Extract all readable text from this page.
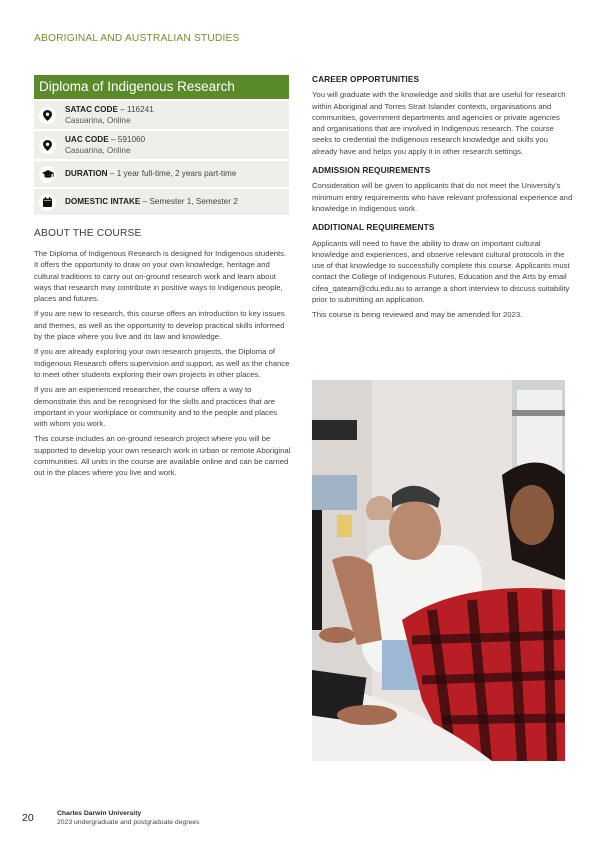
ABORIGINAL AND AUSTRALIAN STUDIES
Diploma of Indigenous Research
SATAC CODE – 116241
Casuarina, Online
UAC CODE – 591060
Casuarina, Online
DURATION – 1 year full-time, 2 years part-time
DOMESTIC INTAKE – Semester 1, Semester 2
ABOUT THE COURSE

The Diploma of Indigenous Research is designed for Indigenous students. It offers the opportunity to draw on your own knowledge, heritage and cultural traditions to carry out on-ground research work and learn about ways that research may contribute in positive ways to Indigenous people, places and futures.

If you are new to research, this course offers an introduction to key issues and themes, as well as the opportunity to develop practical skills informed by the place where you live and its law and knowledge.

If you are already exploring your own research projects, the Diploma of Indigenous Research offers supervision and support, as well as the chance to meet other students exploring their own projects in other places.

If you are an experienced researcher, the course offers a way to demonstrate this and be recognised for the skills and practices that are important in your workplace or community and to the people and places with whom you work.

This course includes an on-ground research project where you will be supported to develop your own research work in urban or remote Aboriginal communities. All units in the course are available online and can be carried out in the places where you live and work.

CAREER OPPORTUNITIES

You will graduate with the knowledge and skills that are useful for research within Aboriginal and Torres Strait Islander contexts, organisations and communities, government departments and agencies or private agencies and organisations that are involved in Indigenous research. The course seeks to credential the Indigenous research knowledge and skills you already have and helps you apply it in other research settings.

ADMISSION REQUIREMENTS

Consideration will be given to applicants that do not meet the University's minimum entry requirements who have relevant professional experience and knowledge in Indigenous work.

ADDITIONAL REQUIREMENTS

Applicants will need to have the ability to draw on important cultural knowledge and experiences, and observe relevant cultural protocols in the use of that knowledge to successfully complete this course. Applicants must contact the College of Indigenous Futures, Education and the Arts by email cifea_qateam@cdu.edu.au to arrange a short interview to discuss suitability prior to submitting an application.

This course is being reviewed and may be amended for 2023.

20	Charles Darwin University
2023 undergraduate and postgraduate degrees
